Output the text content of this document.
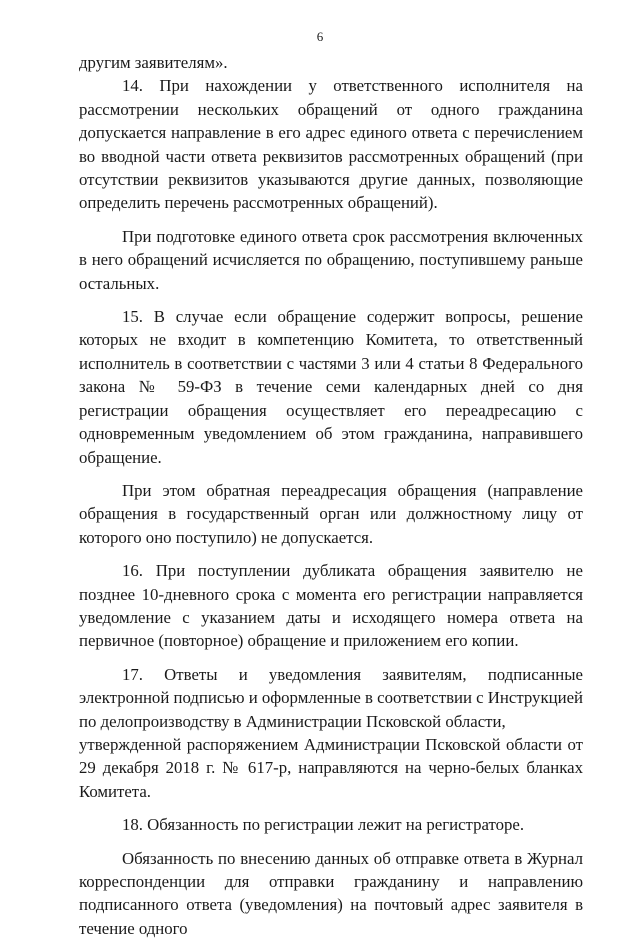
6

другим заявителям».

14. При нахождении у ответственного исполнителя на рассмотрении нескольких обращений от одного гражданина допускается направление в его адрес единого ответа с перечислением во вводной части ответа реквизитов рассмотренных обращений (при отсутствии реквизитов указываются другие данных, позволяющие определить перечень рассмотренных обращений).

При подготовке единого ответа срок рассмотрения включенных в него обращений исчисляется по обращению, поступившему раньше остальных.

15. В случае если обращение содержит вопросы, решение которых не входит в компетенцию Комитета, то ответственный исполнитель в соответствии с частями 3 или 4 статьи 8 Федерального закона № 59-ФЗ в течение семи календарных дней со дня регистрации обращения осуществляет его переадресацию с одновременным уведомлением об этом гражданина, направившего обращение.

При этом обратная переадресация обращения (направление обращения в государственный орган или должностному лицу от которого оно поступило) не допускается.

16. При поступлении дубликата обращения заявителю не позднее 10-дневного срока с момента его регистрации направляется уведомление с указанием даты и исходящего номера ответа на первичное (повторное) обращение и приложением его копии.

17. Ответы и уведомления заявителям, подписанные электронной подписью и оформленные в соответствии с Инструкцией по делопроизводству в Администрации Псковской области,
утвержденной распоряжением Администрации Псковской области от 29 декабря 2018 г. № 617-р, направляются на черно-белых бланках Комитета.

18. Обязанность по регистрации лежит на регистраторе.

Обязанность по внесению данных об отправке ответа в Журнал корреспонденции для отправки гражданину и направлению подписанного ответа (уведомления) на почтовый адрес заявителя в течение одного
